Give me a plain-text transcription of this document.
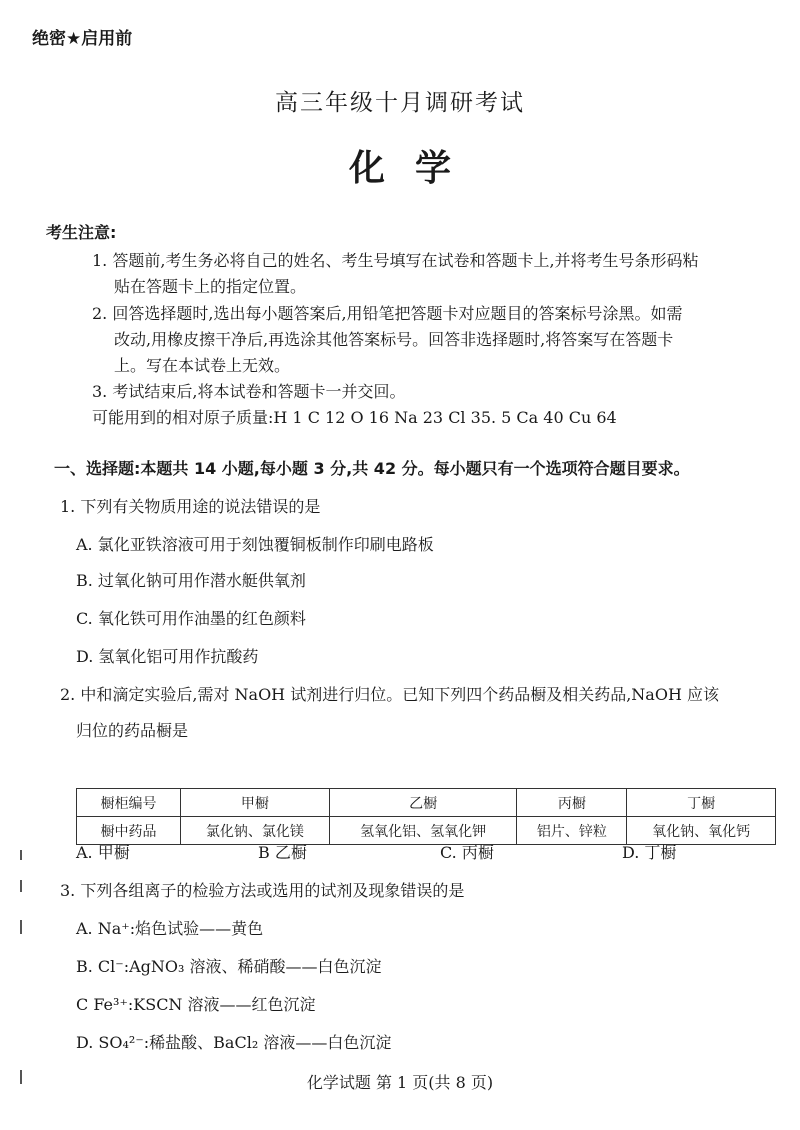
绝密★启用前
高三年级十月调研考试
化学
考生注意:
1. 答题前,考生务必将自己的姓名、考生号填写在试卷和答题卡上,并将考生号条形码粘
贴在答题卡上的指定位置。
2. 回答选择题时,选出每小题答案后,用铅笔把答题卡对应题目的答案标号涂黑。如需
改动,用橡皮擦干净后,再选涂其他答案标号。回答非选择题时,将答案写在答题卡
上。写在本试卷上无效。
3. 考试结束后,将本试卷和答题卡一并交回。
可能用到的相对原子质量:H 1 C 12 O 16 Na 23 Cl 35. 5 Ca 40 Cu 64
一、选择题:本题共 14 小题,每小题 3 分,共 42 分。每小题只有一个选项符合题目要求。
1. 下列有关物质用途的说法错误的是
A. 氯化亚铁溶液可用于刻蚀覆铜板制作印刷电路板
B. 过氧化钠可用作潜水艇供氧剂
C. 氧化铁可用作油墨的红色颜料
D. 氢氧化铝可用作抗酸药
2. 中和滴定实验后,需对 NaOH 试剂进行归位。已知下列四个药品橱及相关药品,NaOH 应该
归位的药品橱是
橱柜编号	甲橱	乙橱	丙橱	丁橱
橱中药品	氯化钠、氯化镁	氢氧化铝、氢氧化钾	铝片、锌粒	氧化钠、氧化钙
A. 甲橱	B 乙橱	C. 丙橱	D. 丁橱
3. 下列各组离子的检验方法或选用的试剂及现象错误的是
A. Na⁺:焰色试验——黄色
B. Cl⁻:AgNO₃ 溶液、稀硝酸——白色沉淀
C Fe³⁺:KSCN 溶液——红色沉淀
D. SO₄²⁻:稀盐酸、BaCl₂ 溶液——白色沉淀
化学试题 第 1 页(共 8 页)
